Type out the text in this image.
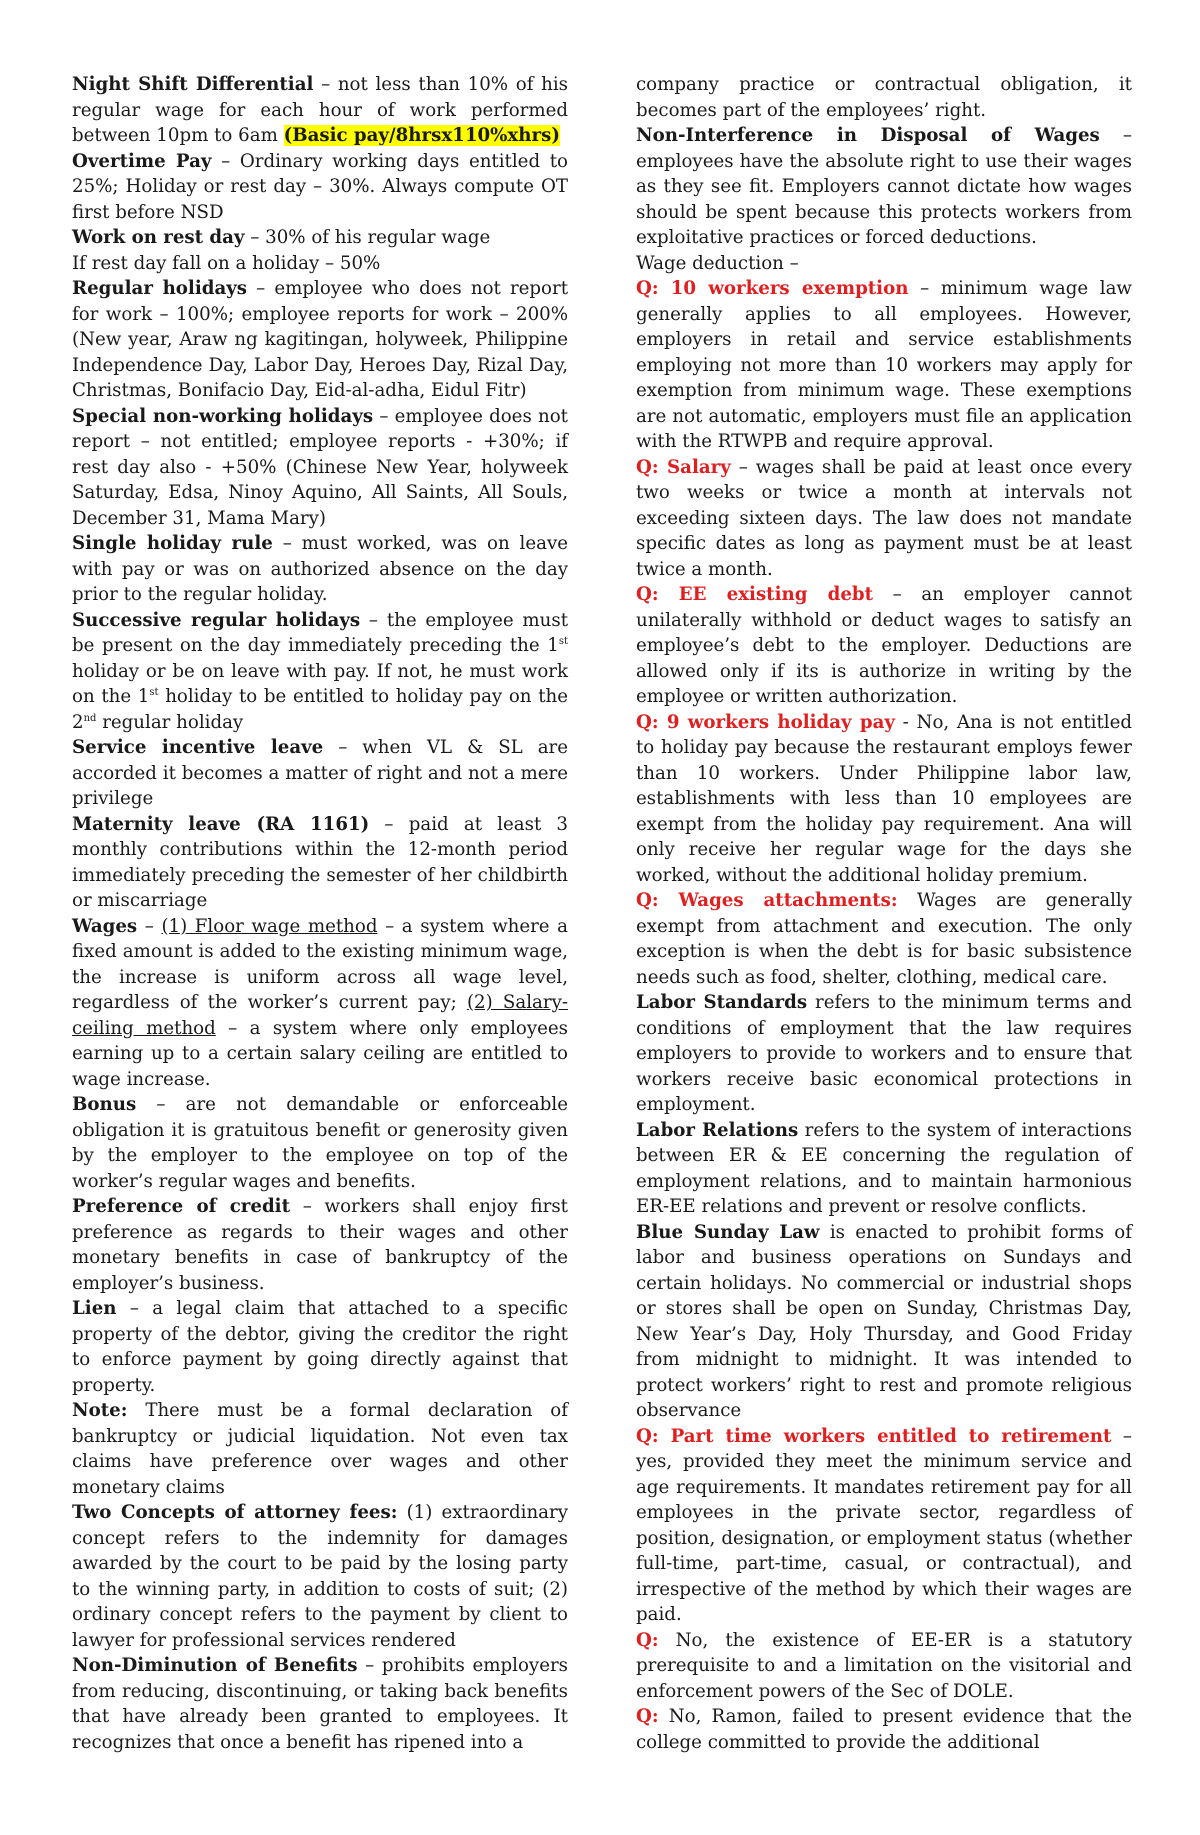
Night Shift Differential – not less than 10% of his regular wage for each hour of work performed between 10pm to 6am (Basic pay/8hrsx110%xhrs)

Overtime Pay – Ordinary working days entitled to 25%; Holiday or rest day – 30%. Always compute OT first before NSD

Work on rest day – 30% of his regular wage

If rest day fall on a holiday – 50%

Regular holidays – employee who does not report for work – 100%; employee reports for work – 200% (New year, Araw ng kagitingan, holyweek, Philippine Independence Day, Labor Day, Heroes Day, Rizal Day, Christmas, Bonifacio Day, Eid-al-adha, Eidul Fitr)

Special non-working holidays – employee does not report – not entitled; employee reports - +30%; if rest day also - +50% (Chinese New Year, holyweek Saturday, Edsa, Ninoy Aquino, All Saints, All Souls, December 31, Mama Mary)

Single holiday rule – must worked, was on leave with pay or was on authorized absence on the day prior to the regular holiday.

Successive regular holidays – the employee must be present on the day immediately preceding the 1st holiday or be on leave with pay. If not, he must work on the 1st holiday to be entitled to holiday pay on the 2nd regular holiday

Service incentive leave – when VL & SL are accorded it becomes a matter of right and not a mere privilege

Maternity leave (RA 1161) – paid at least 3 monthly contributions within the 12-month period immediately preceding the semester of her childbirth or miscarriage

Wages – (1) Floor wage method – a system where a fixed amount is added to the existing minimum wage, the increase is uniform across all wage level, regardless of the worker’s current pay; (2) Salary-ceiling method – a system where only employees earning up to a certain salary ceiling are entitled to wage increase.

Bonus – are not demandable or enforceable obligation it is gratuitous benefit or generosity given by the employer to the employee on top of the worker’s regular wages and benefits.

Preference of credit – workers shall enjoy first preference as regards to their wages and other monetary benefits in case of bankruptcy of the employer’s business.

Lien – a legal claim that attached to a specific property of the debtor, giving the creditor the right to enforce payment by going directly against that property.

Note: There must be a formal declaration of bankruptcy or judicial liquidation. Not even tax claims have preference over wages and other monetary claims

Two Concepts of attorney fees: (1) extraordinary concept refers to the indemnity for damages awarded by the court to be paid by the losing party to the winning party, in addition to costs of suit; (2) ordinary concept refers to the payment by client to lawyer for professional services rendered

Non-Diminution of Benefits – prohibits employers from reducing, discontinuing, or taking back benefits that have already been granted to employees. It recognizes that once a benefit has ripened into a

company practice or contractual obligation, it becomes part of the employees’ right.

Non-Interference in Disposal of Wages – employees have the absolute right to use their wages as they see fit. Employers cannot dictate how wages should be spent because this protects workers from exploitative practices or forced deductions.

Wage deduction –

Q: 10 workers exemption – minimum wage law generally applies to all employees. However, employers in retail and service establishments employing not more than 10 workers may apply for exemption from minimum wage. These exemptions are not automatic, employers must file an application with the RTWPB and require approval.

Q: Salary – wages shall be paid at least once every two weeks or twice a month at intervals not exceeding sixteen days. The law does not mandate specific dates as long as payment must be at least twice a month.

Q: EE existing debt – an employer cannot unilaterally withhold or deduct wages to satisfy an employee’s debt to the employer. Deductions are allowed only if its is authorize in writing by the employee or written authorization.

Q: 9 workers holiday pay - No, Ana is not entitled to holiday pay because the restaurant employs fewer than 10 workers. Under Philippine labor law, establishments with less than 10 employees are exempt from the holiday pay requirement. Ana will only receive her regular wage for the days she worked, without the additional holiday premium.

Q: Wages attachments: Wages are generally exempt from attachment and execution. The only exception is when the debt is for basic subsistence needs such as food, shelter, clothing, medical care.

Labor Standards refers to the minimum terms and conditions of employment that the law requires employers to provide to workers and to ensure that workers receive basic economical protections in employment.

Labor Relations refers to the system of interactions between ER & EE concerning the regulation of employment relations, and to maintain harmonious ER-EE relations and prevent or resolve conflicts.

Blue Sunday Law is enacted to prohibit forms of labor and business operations on Sundays and certain holidays. No commercial or industrial shops or stores shall be open on Sunday, Christmas Day, New Year’s Day, Holy Thursday, and Good Friday from midnight to midnight. It was intended to protect workers’ right to rest and promote religious observance

Q: Part time workers entitled to retirement – yes, provided they meet the minimum service and age requirements. It mandates retirement pay for all employees in the private sector, regardless of position, designation, or employment status (whether full-time, part-time, casual, or contractual), and irrespective of the method by which their wages are paid.

Q: No, the existence of EE-ER is a statutory prerequisite to and a limitation on the visitorial and enforcement powers of the Sec of DOLE.

Q: No, Ramon, failed to present evidence that the college committed to provide the additional
